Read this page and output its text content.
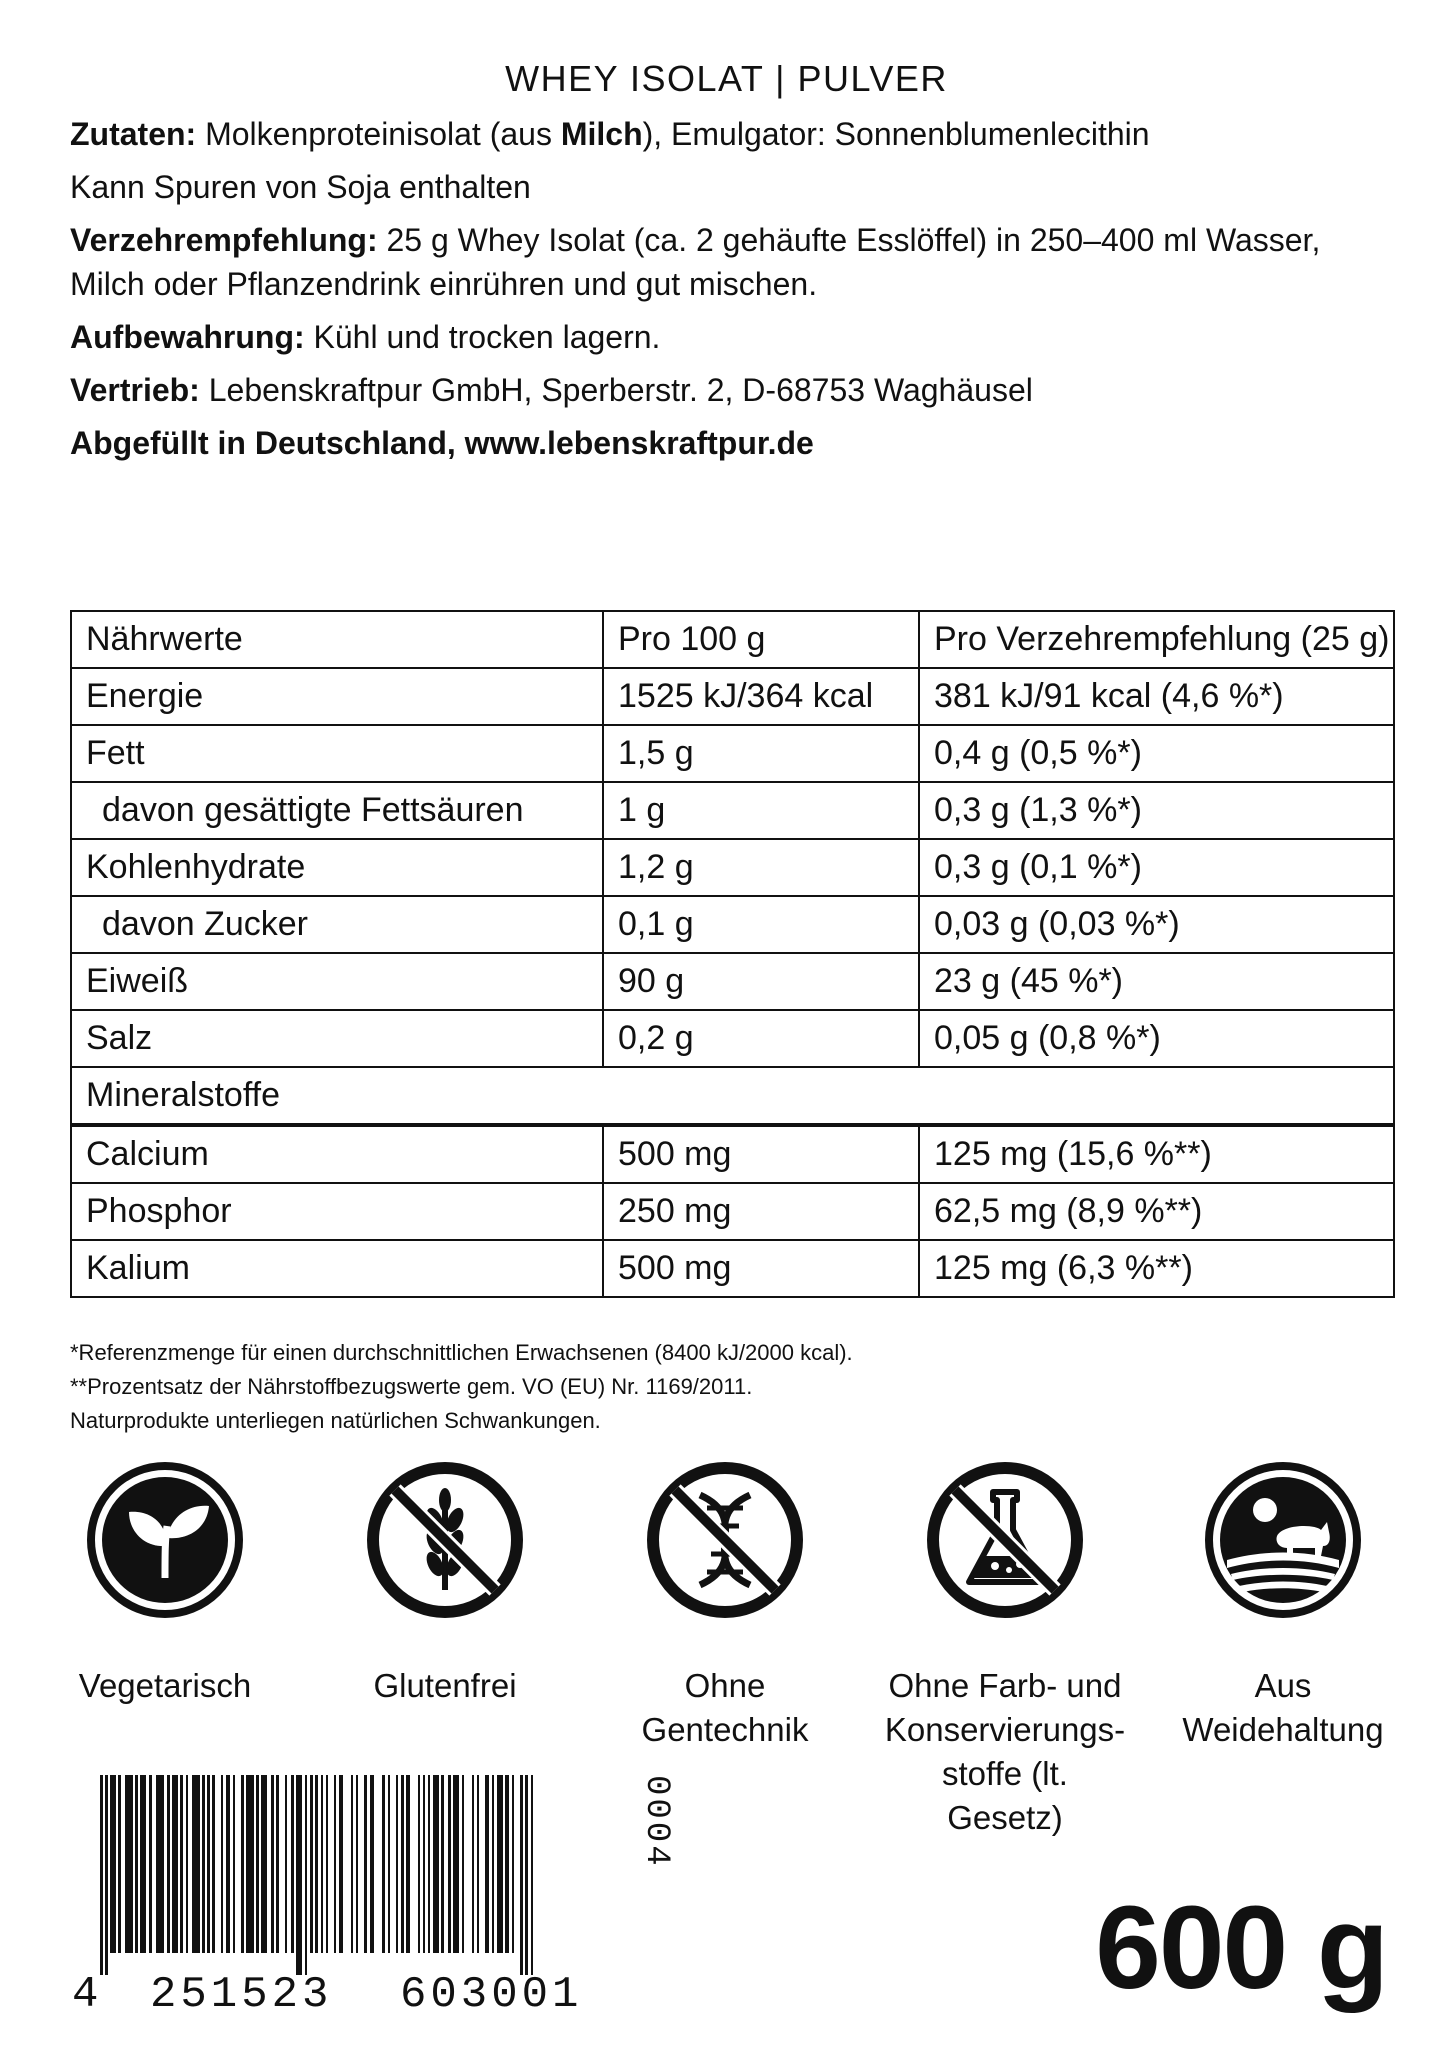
WHEY ISOLAT | PULVER

Zutaten: Molkenproteinisolat (aus Milch), Emulgator: Sonnenblumenlecithin

Kann Spuren von Soja enthalten

Verzehrempfehlung: 25 g Whey Isolat (ca. 2 gehäufte Esslöffel) in 250–400 ml Wasser, Milch oder Pflanzendrink einrühren und gut mischen.

Aufbewahrung: Kühl und trocken lagern.

Vertrieb: Lebenskraftpur GmbH, Sperberstr. 2, D-68753 Waghäusel

Abgefüllt in Deutschland, www.lebenskraftpur.de

Nährwerte	Pro 100 g	Pro Verzehrempfehlung (25 g)
Energie	1525 kJ/364 kcal	381 kJ/91 kcal (4,6 %*)
Fett	1,5 g	0,4 g (0,5 %*)
davon gesättigte Fettsäuren	1 g	0,3 g (1,3 %*)
Kohlenhydrate	1,2 g	0,3 g (0,1 %*)
davon Zucker	0,1 g	0,03 g (0,03 %*)
Eiweiß	90 g	23 g (45 %*)
Salz	0,2 g	0,05 g (0,8 %*)
Mineralstoffe		
Calcium	500 mg	125 mg (15,6 %**)
Phosphor	250 mg	62,5 mg (8,9 %**)
Kalium	500 mg	125 mg (6,3 %**)

*Referenzmenge für einen durchschnittlichen Erwachsenen (8400 kJ/2000 kcal).

**Prozentsatz der Nährstoffbezugswerte gem. VO (EU) Nr. 1169/2011.

Naturprodukte unterliegen natürlichen Schwankungen.

Vegetarisch	Glutenfrei	Ohne
Gentechnik
Ohne Farb- und
Konservierungs-
stoffe (lt. Gesetz)
Aus
Weidehaltung
4 251523 603001
0004
600 g
